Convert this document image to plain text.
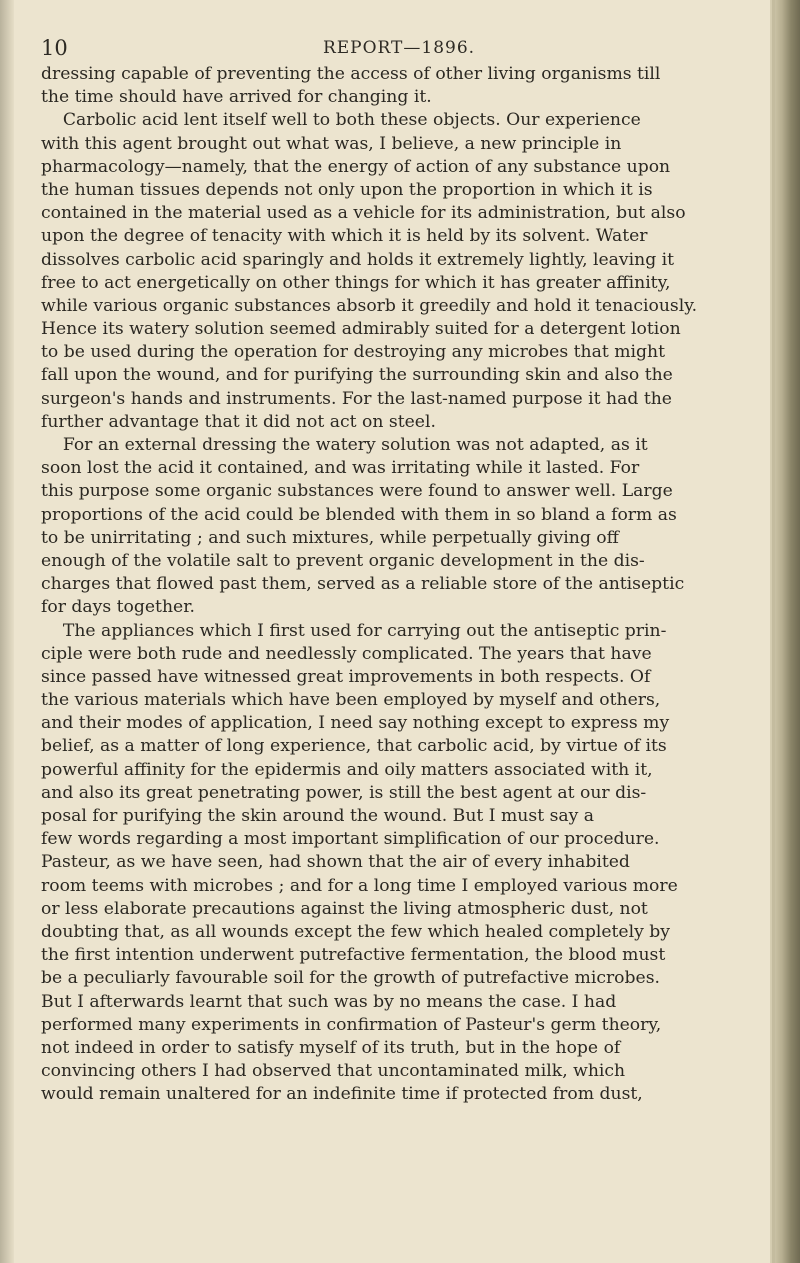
10	REPORT—1896.
dressing capable of preventing the access of other living organisms till
the time should have arrived for changing it.
Carbolic acid lent itself well to both these objects. Our experience
with this agent brought out what was, I believe, a new principle in
pharmacology—namely, that the energy of action of any substance upon
the human tissues depends not only upon the proportion in which it is
contained in the material used as a vehicle for its administration, but also
upon the degree of tenacity with which it is held by its solvent. Water
dissolves carbolic acid sparingly and holds it extremely lightly, leaving it
free to act energetically on other things for which it has greater affinity,
while various organic substances absorb it greedily and hold it tenaciously.
Hence its watery solution seemed admirably suited for a detergent lotion
to be used during the operation for destroying any microbes that might
fall upon the wound, and for purifying the surrounding skin and also the
surgeon's hands and instruments. For the last-named purpose it had the
further advantage that it did not act on steel.
For an external dressing the watery solution was not adapted, as it
soon lost the acid it contained, and was irritating while it lasted. For
this purpose some organic substances were found to answer well. Large
proportions of the acid could be blended with them in so bland a form as
to be unirritating ; and such mixtures, while perpetually giving off
enough of the volatile salt to prevent organic development in the dis-
charges that flowed past them, served as a reliable store of the antiseptic
for days together.
The appliances which I first used for carrying out the antiseptic prin-
ciple were both rude and needlessly complicated. The years that have
since passed have witnessed great improvements in both respects. Of
the various materials which have been employed by myself and others,
and their modes of application, I need say nothing except to express my
belief, as a matter of long experience, that carbolic acid, by virtue of its
powerful affinity for the epidermis and oily matters associated with it,
and also its great penetrating power, is still the best agent at our dis-
posal for purifying the skin around the wound. But I must say a
few words regarding a most important simplification of our procedure.
Pasteur, as we have seen, had shown that the air of every inhabited
room teems with microbes ; and for a long time I employed various more
or less elaborate precautions against the living atmospheric dust, not
doubting that, as all wounds except the few which healed completely by
the first intention underwent putrefactive fermentation, the blood must
be a peculiarly favourable soil for the growth of putrefactive microbes.
But I afterwards learnt that such was by no means the case. I had
performed many experiments in confirmation of Pasteur's germ theory,
not indeed in order to satisfy myself of its truth, but in the hope of
convincing others I had observed that uncontaminated milk, which
would remain unaltered for an indefinite time if protected from dust,
